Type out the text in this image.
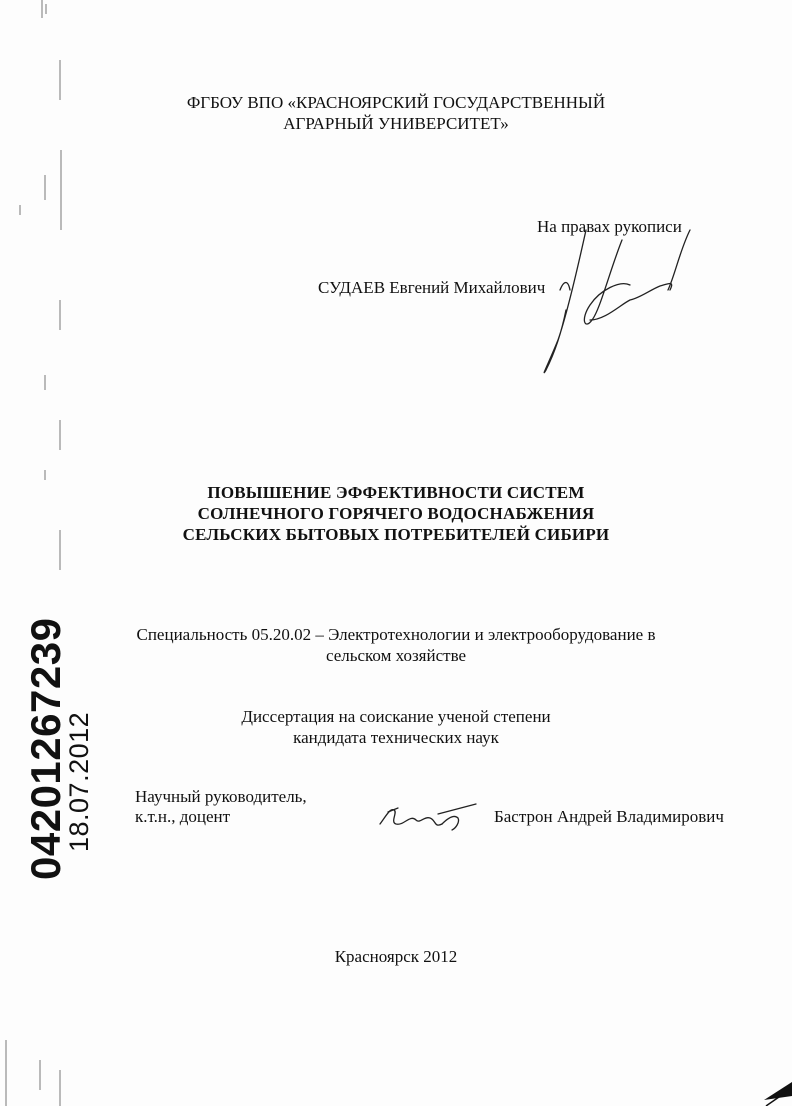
04201267239
18.07.2012
ФГБОУ ВПО «КРАСНОЯРСКИЙ ГОСУДАРСТВЕННЫЙ
АГРАРНЫЙ УНИВЕРСИТЕТ»
На правах рукописи
СУДАЕВ Евгений Михайлович
ПОВЫШЕНИЕ ЭФФЕКТИВНОСТИ СИСТЕМ
СОЛНЕЧНОГО ГОРЯЧЕГО ВОДОСНАБЖЕНИЯ
СЕЛЬСКИХ БЫТОВЫХ ПОТРЕБИТЕЛЕЙ СИБИРИ
Специальность 05.20.02 – Электротехнологии и электрооборудование в
сельском хозяйстве
Диссертация на соискание ученой степени
кандидата технических наук
Научный руководитель,
к.т.н., доцент	Бастрон Андрей Владимирович
Красноярск 2012
